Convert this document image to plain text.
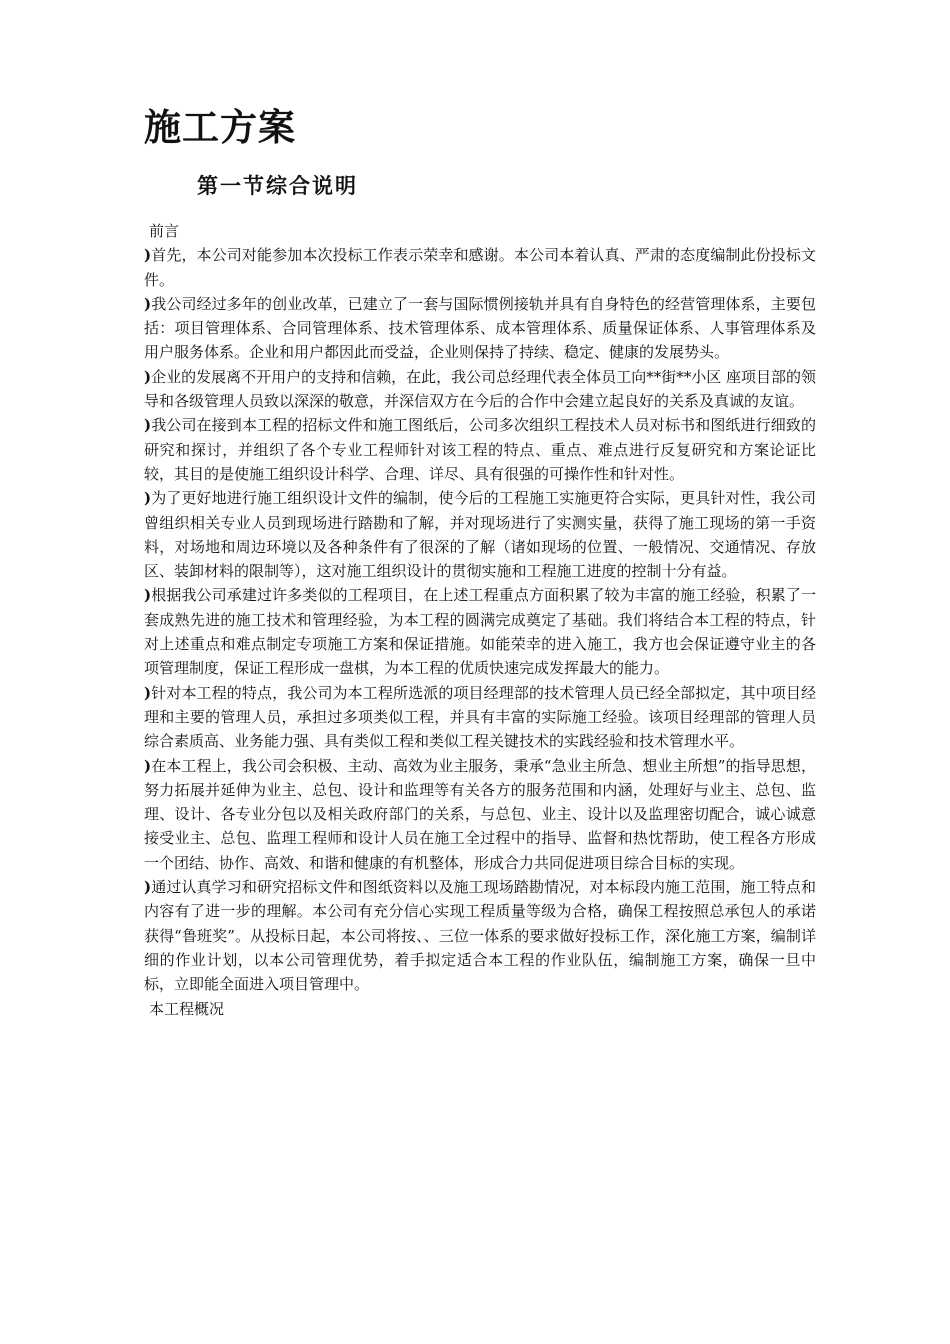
施工方案
第一节综合说明

前言

)首先，本公司对能参加本次投标工作表示荣幸和感谢。本公司本着认真、严肃的态度编制此份投标文件。

)我公司经过多年的创业改革，已建立了一套与国际惯例接轨并具有自身特色的经营管理体系，主要包括：项目管理体系、合同管理体系、技术管理体系、成本管理体系、质量保证体系、人事管理体系及用户服务体系。企业和用户都因此而受益，企业则保持了持续、稳定、健康的发展势头。

)企业的发展离不开用户的支持和信赖，在此，我公司总经理代表全体员工向**街**小区 座项目部的领导和各级管理人员致以深深的敬意，并深信双方在今后的合作中会建立起良好的关系及真诚的友谊。

)我公司在接到本工程的招标文件和施工图纸后，公司多次组织工程技术人员对标书和图纸进行细致的研究和探讨，并组织了各个专业工程师针对该工程的特点、重点、难点进行反复研究和方案论证比较，其目的是使施工组织设计科学、合理、详尽、具有很强的可操作性和针对性。

)为了更好地进行施工组织设计文件的编制，使今后的工程施工实施更符合实际，更具针对性，我公司曾组织相关专业人员到现场进行踏勘和了解，并对现场进行了实测实量，获得了施工现场的第一手资料，对场地和周边环境以及各种条件有了很深的了解（诸如现场的位置、一般情况、交通情况、存放区、装卸材料的限制等），这对施工组织设计的贯彻实施和工程施工进度的控制十分有益。

)根据我公司承建过许多类似的工程项目，在上述工程重点方面积累了较为丰富的施工经验，积累了一套成熟先进的施工技术和管理经验，为本工程的圆满完成奠定了基础。我们将结合本工程的特点，针对上述重点和难点制定专项施工方案和保证措施。如能荣幸的进入施工，我方也会保证遵守业主的各项管理制度，保证工程形成一盘棋，为本工程的优质快速完成发挥最大的能力。

)针对本工程的特点，我公司为本工程所选派的项目经理部的技术管理人员已经全部拟定，其中项目经理和主要的管理人员，承担过多项类似工程，并具有丰富的实际施工经验。该项目经理部的管理人员综合素质高、业务能力强、具有类似工程和类似工程关键技术的实践经验和技术管理水平。

)在本工程上，我公司会积极、主动、高效为业主服务，秉承“急业主所急、想业主所想”的指导思想，努力拓展并延伸为业主、总包、设计和监理等有关各方的服务范围和内涵，处理好与业主、总包、监理、设计、各专业分包以及相关政府部门的关系，与总包、业主、设计以及监理密切配合，诚心诚意接受业主、总包、监理工程师和设计人员在施工全过程中的指导、监督和热忱帮助，使工程各方形成一个团结、协作、高效、和谐和健康的有机整体，形成合力共同促进项目综合目标的实现。

)通过认真学习和研究招标文件和图纸资料以及施工现场踏勘情况，对本标段内施工范围，施工特点和内容有了进一步的理解。本公司有充分信心实现工程质量等级为合格，确保工程按照总承包人的承诺获得“鲁班奖”。从投标日起，本公司将按、、三位一体系的要求做好投标工作，深化施工方案，编制详细的作业计划，以本公司管理优势，着手拟定适合本工程的作业队伍，编制施工方案，确保一旦中标，立即能全面进入项目管理中。

本工程概况
